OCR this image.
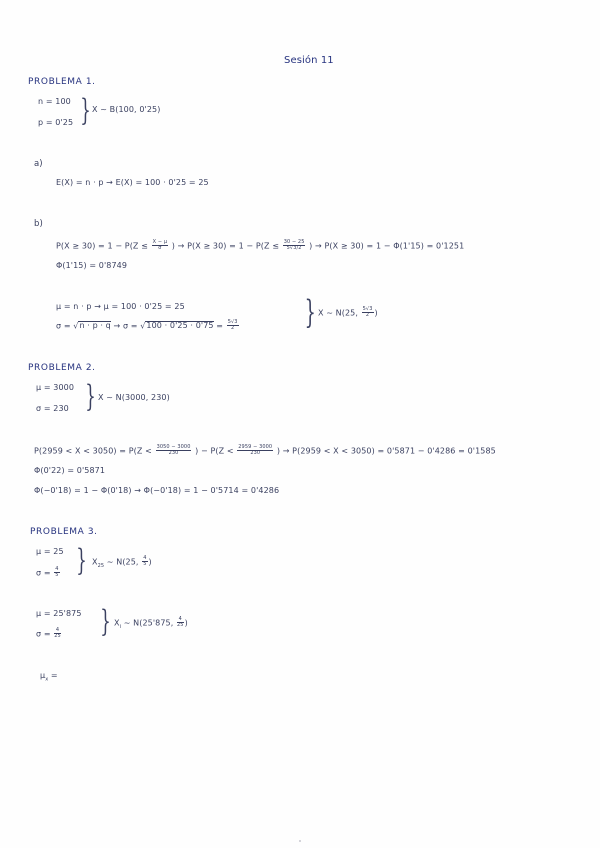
Sesión 11
PROBLEMA 1.
n = 100
p = 0'25 } X ~ B(100, 0'25)
a)
E(X) = n · p → E(X) = 100 · 0'25 = 25
b)
$P(X \ge 30) = 1 - P(Z \le \frac{X - \mu}{\sigma}$ ) → $P(X \ge 30) = 1 - P(Z \le \frac{30 - 25}{5√3/2}$ ) → P(X ≥ 30) = 1 − Φ(1'15) = 0'1251
Φ(1'15) = 0'8749
μ = n · p → μ = 100 · 0'25 = 25
$\sigma = √n \cdot p \cdot q \to \sigma = √100 \cdot 0'25 \cdot 0'75 = \frac{5√3}{2}$ } X ~ N(25, $\frac{5√3}{2}$ )
PROBLEMA 2.
μ = 3000
σ = 230 } X ~ N(3000, 230)
$P(2959 < X < 3050) = P(Z < \frac{3050 - 3000}{230}$ ) − $P(Z < \frac{2959 - 3000}{230}$ ) → P(2959 < X < 3050) = 0'5871 − 0'4286 = 0'1585
Φ(0'22) = 0'5871
Φ(−0'18) = 1 − Φ(0'18) → Φ(−0'18) = 1 − 0'5714 = 0'4286
PROBLEMA 3.
μ = 25
$\sigma = \frac{4}{5}$ } $X_{25}$ ~ N(25, $\frac{4}{5}$ )
μ = 25'875
$\sigma = \frac{4}{25}$ } $X_i$ ~ N(25'875, $\frac{4}{25}$ )
$\mu_x$ =
